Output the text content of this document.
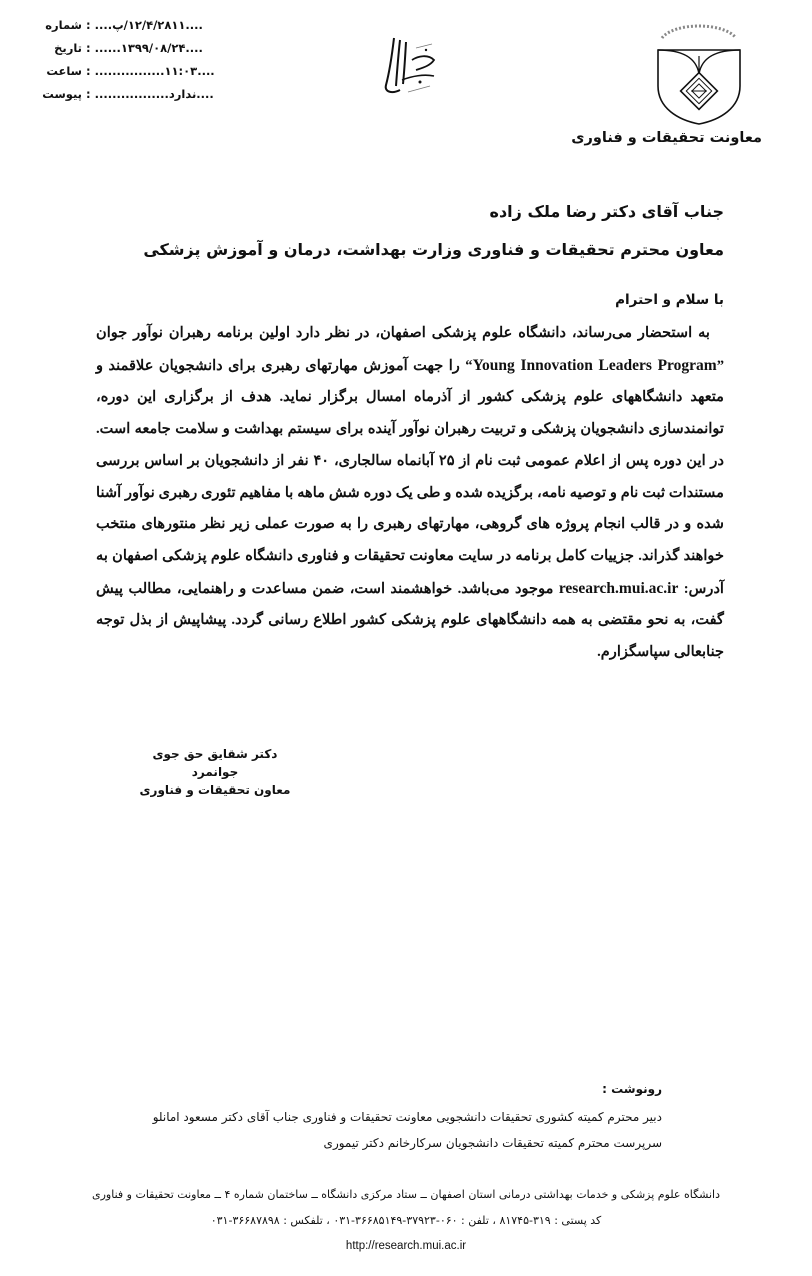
شماره : ....۱۲/۴/۲۸۱۱/پ....
تاریخ : ....۱۳۹۹/۰۸/۲۴......
ساعت : ....۱۱:۰۳................
پیوست : ....ندارد.................
معاونت تحقیقات و فناوری
جناب آقای دکتر رضا ملک زاده
معاون محترم تحقیقات و فناوری وزارت بهداشت، درمان و آموزش پزشکی
با سلام و احترام
به استحضار می‌رساند، دانشگاه علوم پزشکی اصفهان، در نظر دارد اولین برنامه رهبران نوآور جوان ”Young Innovation Leaders Program“ را جهت آموزش مهارتهای رهبری برای دانشجویان علاقمند و متعهد دانشگاههای علوم پزشکی کشور از آذرماه امسال برگزار نماید. هدف از برگزاری این دوره، توانمندسازی دانشجویان پزشکی و تربیت رهبران نوآور آینده برای سیستم بهداشت و سلامت جامعه است. در این دوره پس از اعلام عمومی ثبت نام از ۲۵ آبانماه سالجاری، ۴۰ نفر از دانشجویان بر اساس بررسی مستندات ثبت نام و توصیه نامه، برگزیده شده و طی یک دوره شش ماهه با مفاهیم تئوری رهبری نوآور آشنا شده و در قالب انجام پروژه های گروهی، مهارتهای رهبری را به صورت عملی زیر نظر منتورهای منتخب خواهند گذراند. جزییات کامل برنامه در سایت معاونت تحقیقات و فناوری دانشگاه علوم پزشکی اصفهان به آدرس: research.mui.ac.ir موجود می‌باشد. خواهشمند است، ضمن مساعدت و راهنمایی، مطالب پیش گفت، به نحو مقتضی به همه دانشگاههای علوم پزشکی کشور اطلاع رسانی گردد. پیشاپیش از بذل توجه جنابعالی سپاسگزارم.
دکتر شقایق حق جوی جوانمرد
معاون تحقیقات و فناوری
رونوشت :
دبیر محترم کمیته کشوری تحقیقات دانشجویی معاونت تحقیقات و فناوری جناب آقای دکتر مسعود امانلو
سرپرست محترم کمیته تحقیقات دانشجویان سرکارخانم دکتر تیموری
دانشگاه علوم پزشکی و خدمات بهداشتی درمانی استان اصفهان ــ ستاد مرکزی دانشگاه ــ ساختمان شماره ۴ ــ معاونت تحقیقات و فناوری
کد پستی : ۳۱۹-۸۱۷۴۵ ، تلفن : ۰۶۰-۳۷۹۲۳-۳۶۶۸۵۱۴۹-۰۳۱ ، تلفکس : ۳۶۶۸۷۸۹۸-۰۳۱
http://research.mui.ac.ir
